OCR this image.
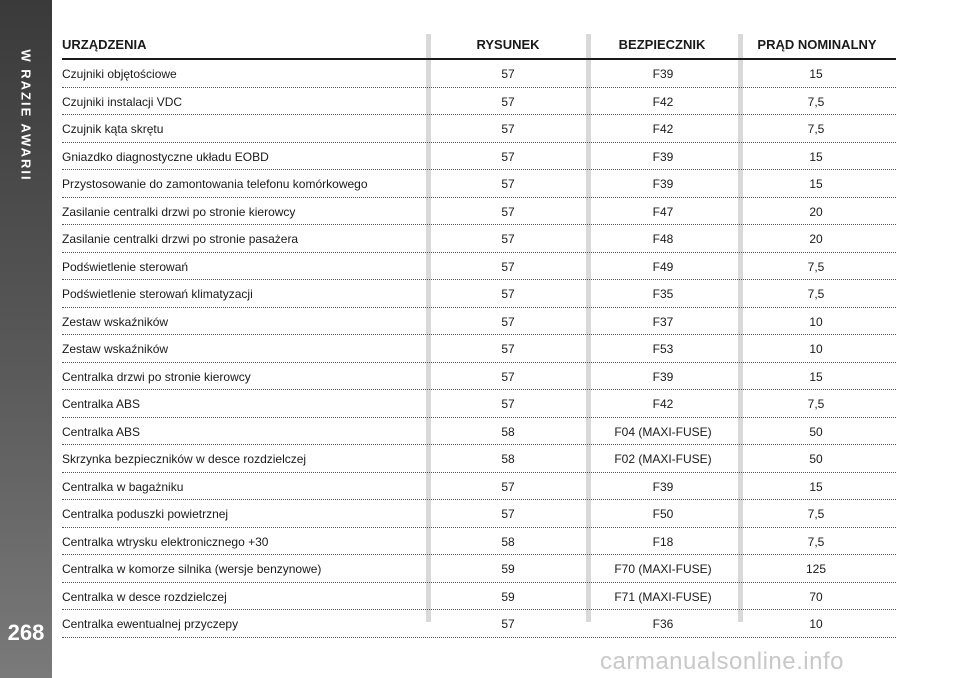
W RAZIE AWARII
268
URZĄDZENIA	RYSUNEK	BEZPIECZNIK	PRĄD NOMINALNY
Czujniki objętościowe	57	F39	15
Czujniki instalacji VDC	57	F42	7,5
Czujnik kąta skrętu	57	F42	7,5
Gniazdko diagnostyczne układu EOBD	57	F39	15
Przystosowanie do zamontowania telefonu komórkowego	57	F39	15
Zasilanie centralki drzwi po stronie kierowcy	57	F47	20
Zasilanie centralki drzwi po stronie pasażera	57	F48	20
Podświetlenie sterowań	57	F49	7,5
Podświetlenie sterowań klimatyzacji	57	F35	7,5
Zestaw wskaźników	57	F37	10
Zestaw wskaźników	57	F53	10
Centralka drzwi po stronie kierowcy	57	F39	15
Centralka ABS	57	F42	7,5
Centralka ABS	58	F04 (MAXI-FUSE)	50
Skrzynka bezpieczników w desce rozdzielczej	58	F02 (MAXI-FUSE)	50
Centralka w bagażniku	57	F39	15
Centralka poduszki powietrznej	57	F50	7,5
Centralka wtrysku elektronicznego +30	58	F18	7,5
Centralka w komorze silnika (wersje benzynowe)	59	F70 (MAXI-FUSE)	125
Centralka w desce rozdzielczej	59	F71 (MAXI-FUSE)	70
Centralka ewentualnej przyczepy	57	F36	10
carmanualsonline.info
